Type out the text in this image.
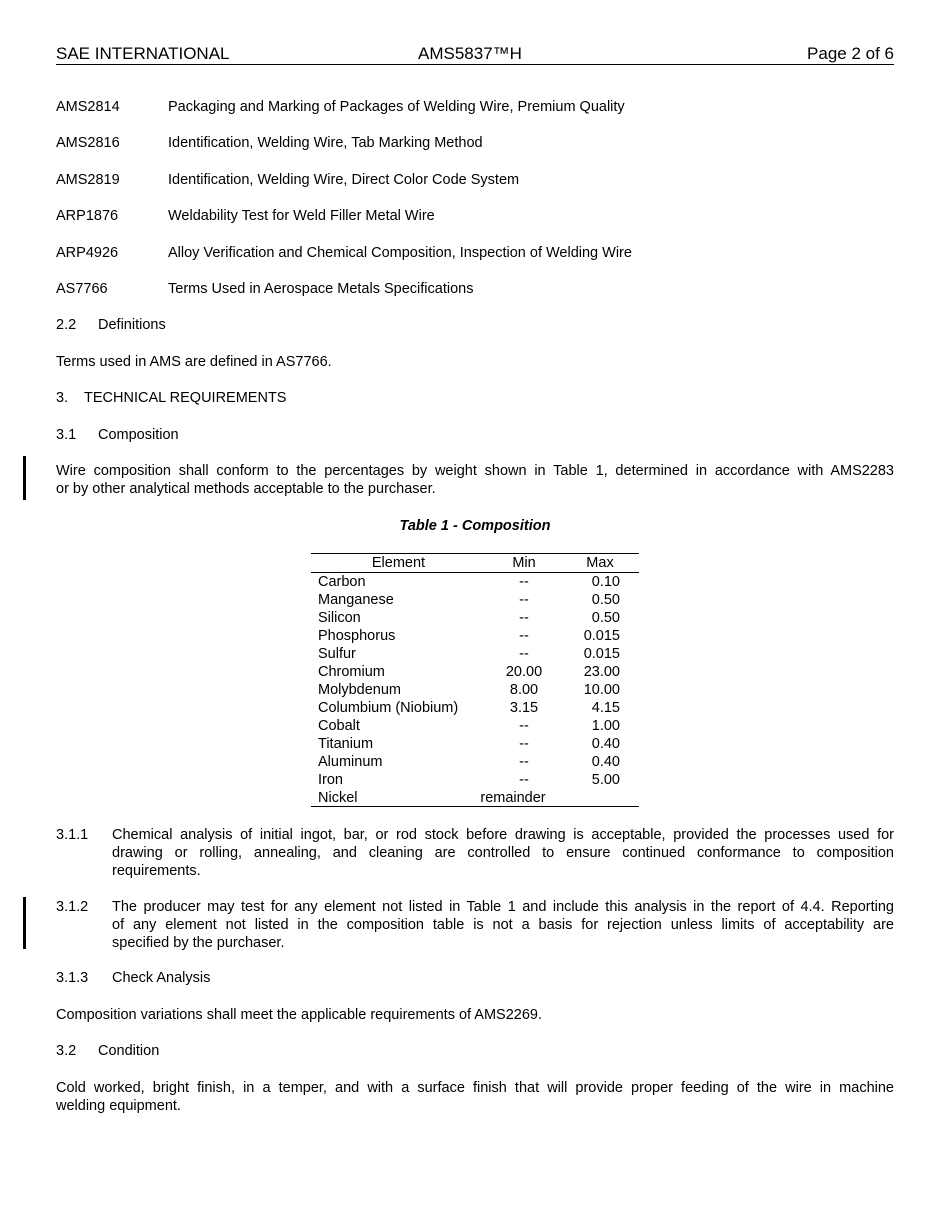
SAE INTERNATIONAL	AMS5837™H	Page 2 of 6
AMS2814	Packaging and Marking of Packages of Welding Wire, Premium Quality
AMS2816	Identification, Welding Wire, Tab Marking Method
AMS2819	Identification, Welding Wire, Direct Color Code System
ARP1876	Weldability Test for Weld Filler Metal Wire
ARP4926	Alloy Verification and Chemical Composition, Inspection of Welding Wire
AS7766	Terms Used in Aerospace Metals Specifications
2.2 Definitions
Terms used in AMS are defined in AS7766.
3. TECHNICAL REQUIREMENTS
3.1 Composition
Wire composition shall conform to the percentages by weight shown in Table 1, determined in accordance with AMS2283
or by other analytical methods acceptable to the purchaser.
Table 1 - Composition
Element	Min	Max
Carbon	--	0.10
Manganese	--	0.50
Silicon	--	0.50
Phosphorus	--	0.015
Sulfur	--	0.015
Chromium	20.00	23.00
Molybdenum	8.00	10.00
Columbium (Niobium)	3.15	4.15
Cobalt	--	1.00
Titanium	--	0.40
Aluminum	--	0.40
Iron	--	5.00
Nickel	remainder
3.1.1 Chemical analysis of initial ingot, bar, or rod stock before drawing is acceptable, provided the processes used for
drawing or rolling, annealing, and cleaning are controlled to ensure continued conformance to composition
requirements.
3.1.2 The producer may test for any element not listed in Table 1 and include this analysis in the report of 4.4. Reporting
of any element not listed in the composition table is not a basis for rejection unless limits of acceptability are
specified by the purchaser.
3.1.3 Check Analysis
Composition variations shall meet the applicable requirements of AMS2269.
3.2 Condition
Cold worked, bright finish, in a temper, and with a surface finish that will provide proper feeding of the wire in machine
welding equipment.
